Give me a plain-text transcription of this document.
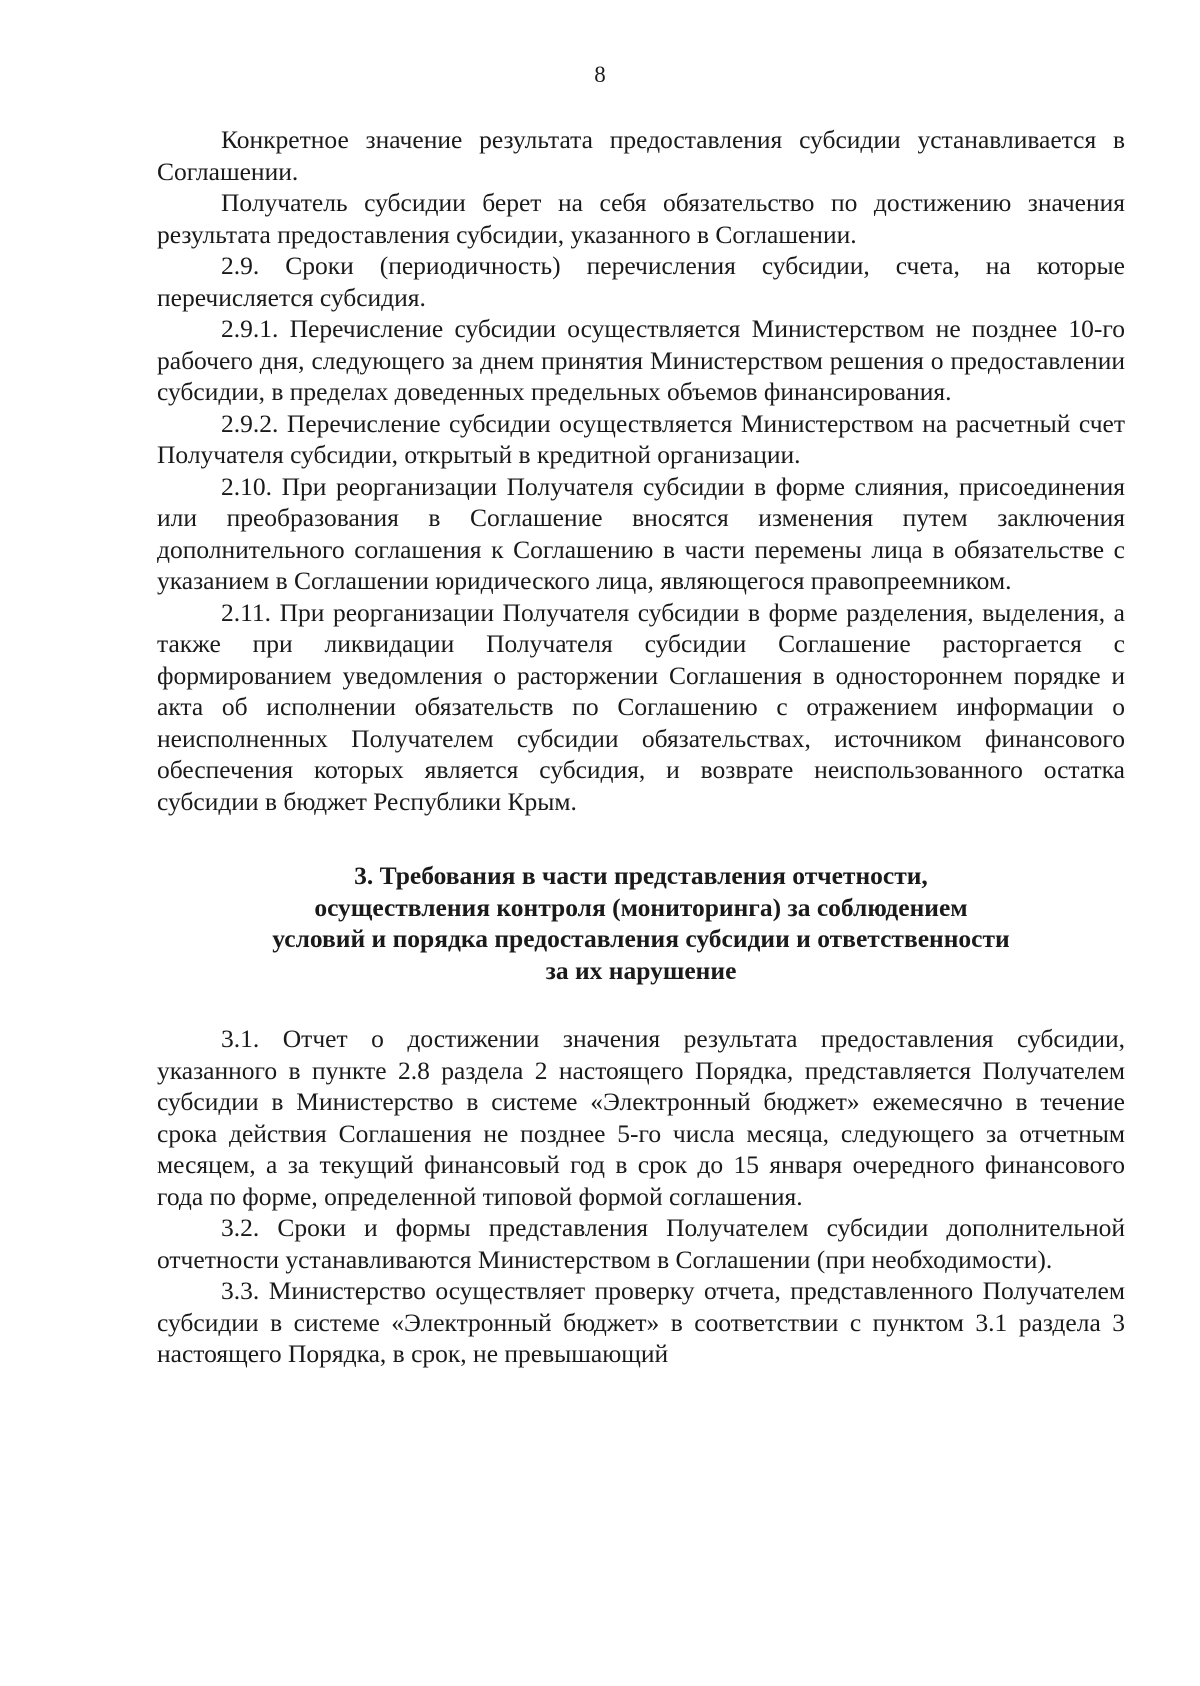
8

Конкретное значение результата предоставления субсидии устанавливается в Соглашении.

Получатель субсидии берет на себя обязательство по достижению значения результата предоставления субсидии, указанного в Соглашении.

2.9. Сроки (периодичность) перечисления субсидии, счета, на которые перечисляется субсидия.

2.9.1. Перечисление субсидии осуществляется Министерством не позднее 10-го рабочего дня, следующего за днем принятия Министерством решения о предоставлении субсидии, в пределах доведенных предельных объемов финансирования.

2.9.2. Перечисление субсидии осуществляется Министерством на расчетный счет Получателя субсидии, открытый в кредитной организации.

2.10. При реорганизации Получателя субсидии в форме слияния, присоединения или преобразования в Соглашение вносятся изменения путем заключения дополнительного соглашения к Соглашению в части перемены лица в обязательстве с указанием в Соглашении юридического лица, являющегося правопреемником.

2.11. При реорганизации Получателя субсидии в форме разделения, выделения, а также при ликвидации Получателя субсидии Соглашение расторгается с формированием уведомления о расторжении Соглашения в одностороннем порядке и акта об исполнении обязательств по Соглашению с отражением информации о неисполненных Получателем субсидии обязательствах, источником финансового обеспечения которых является субсидия, и возврате неиспользованного остатка субсидии в бюджет Республики Крым.

3. Требования в части представления отчетности,
осуществления контроля (мониторинга) за соблюдением
условий и порядка предоставления субсидии и ответственности
за их нарушение

3.1. Отчет о достижении значения результата предоставления субсидии, указанного в пункте 2.8 раздела 2 настоящего Порядка, представляется Получателем субсидии в Министерство в системе «Электронный бюджет» ежемесячно в течение срока действия Соглашения не позднее 5-го числа месяца, следующего за отчетным месяцем, а за текущий финансовый год в срок до 15 января очередного финансового года по форме, определенной типовой формой соглашения.

3.2. Сроки и формы представления Получателем субсидии дополнительной отчетности устанавливаются Министерством в Соглашении (при необходимости).

3.3. Министерство осуществляет проверку отчета, представленного Получателем субсидии в системе «Электронный бюджет» в соответствии с пунктом 3.1 раздела 3 настоящего Порядка, в срок, не превышающий
